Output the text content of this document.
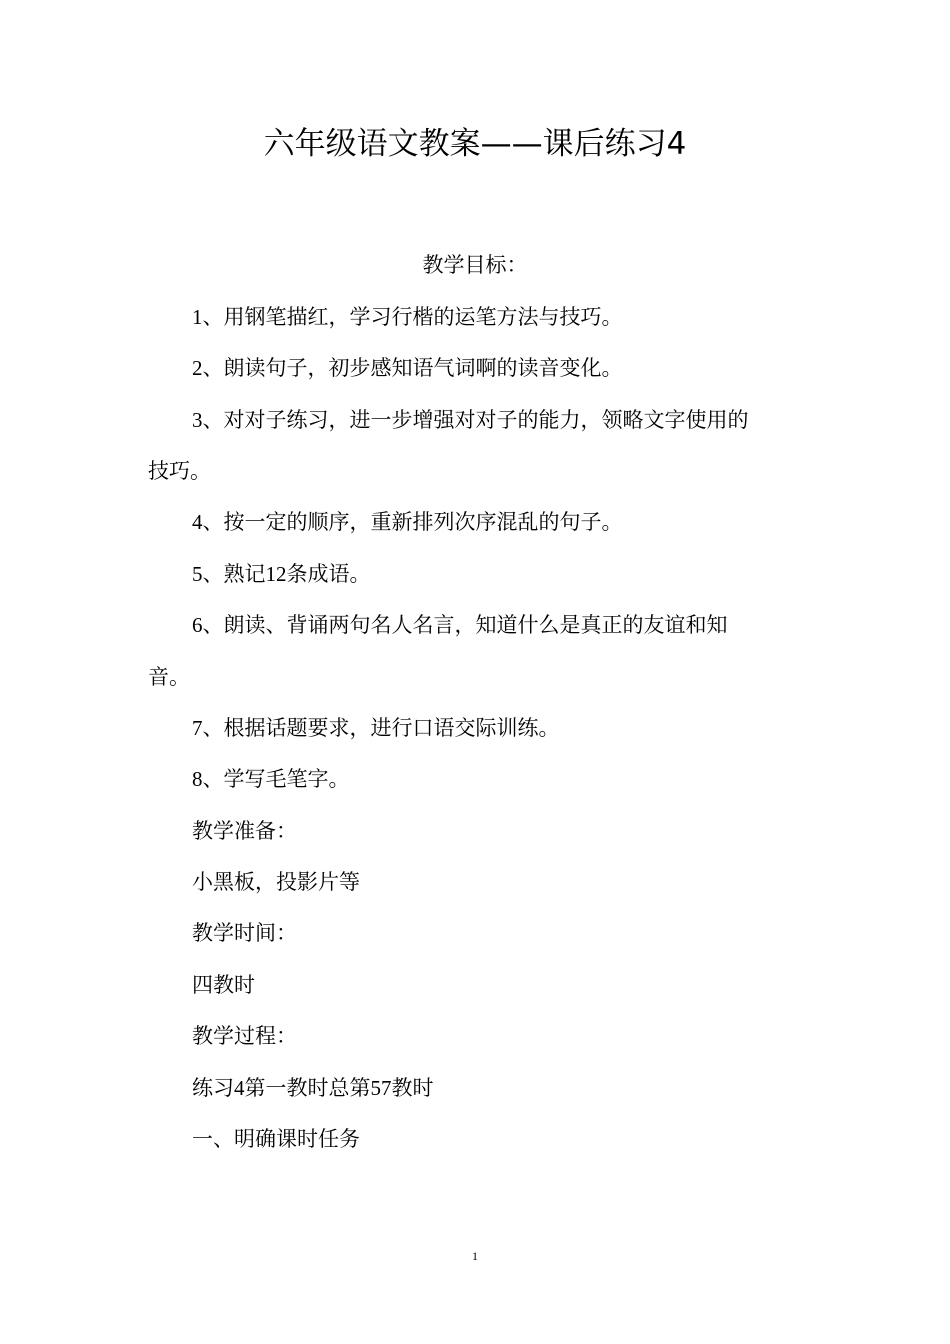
六年级语文教案——课后练习4
教学目标：
1、用钢笔描红，学习行楷的运笔方法与技巧。
2、朗读句子，初步感知语气词啊的读音变化。
3、对对子练习，进一步增强对对子的能力，领略文字使用的
技巧。
4、按一定的顺序，重新排列次序混乱的句子。
5、熟记12条成语。
6、朗读、背诵两句名人名言，知道什么是真正的友谊和知
音。
7、根据话题要求，进行口语交际训练。
8、学写毛笔字。
教学准备：
小黑板，投影片等
教学时间：
四教时
教学过程：
练习4第一教时总第57教时
一、明确课时任务
1
